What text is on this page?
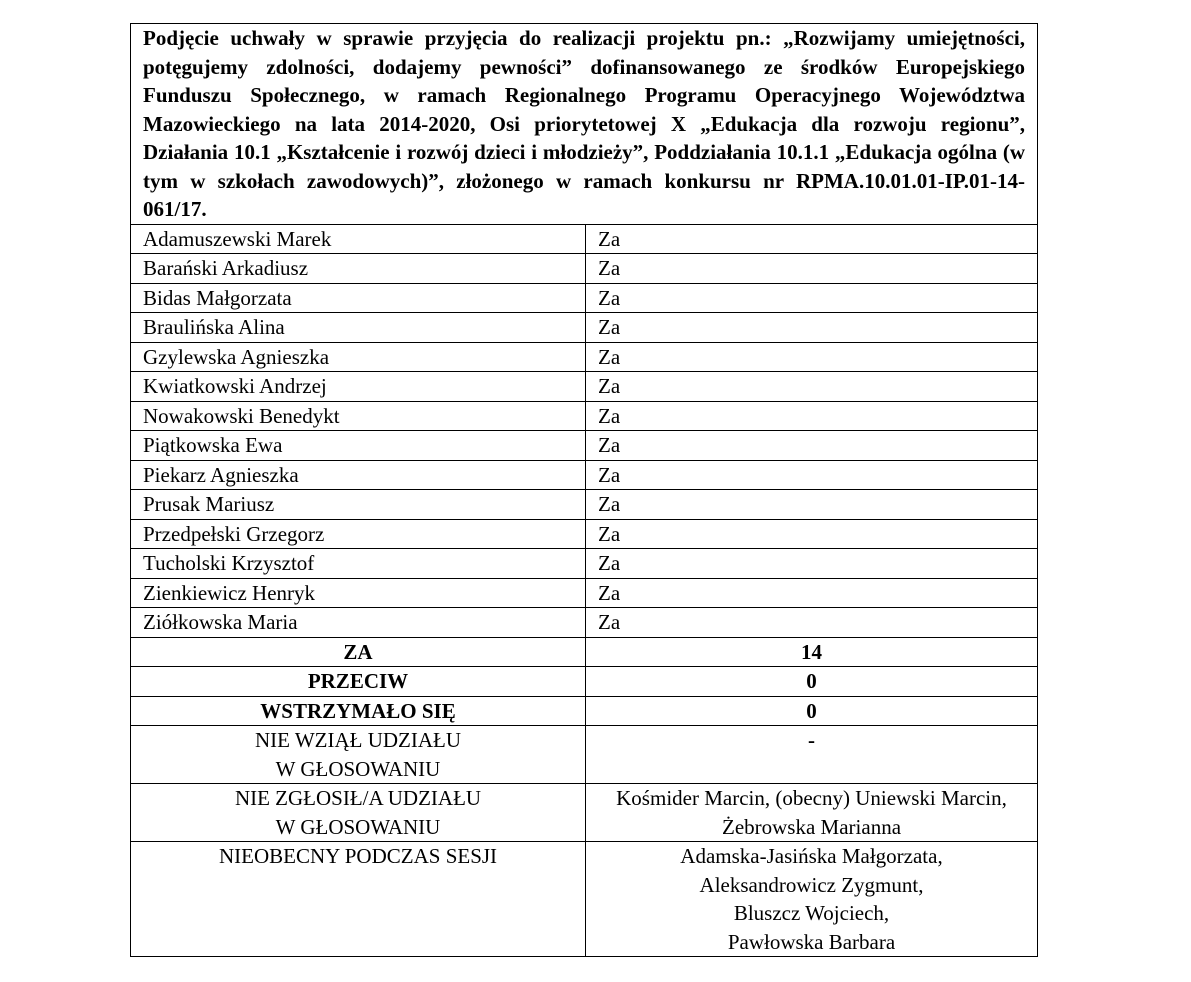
Podjęcie uchwały w sprawie przyjęcia do realizacji projektu pn.: „Rozwijamy umiejętności, potęgujemy zdolności, dodajemy pewności” dofinansowanego ze środków Europejskiego Funduszu Społecznego, w ramach Regionalnego Programu Operacyjnego Województwa Mazowieckiego na lata 2014-2020, Osi priorytetowej X „Edukacja dla rozwoju regionu”, Działania 10.1 „Kształcenie i rozwój dzieci i młodzieży”, Poddziałania 10.1.1 „Edukacja ogólna (w tym w szkołach zawodowych)”, złożonego w ramach konkursu nr RPMA.10.01.01-IP.01-14-061/17.	
Adamuszewski Marek	Za
Barański Arkadiusz	Za
Bidas Małgorzata	Za
Braulińska Alina	Za
Gzylewska Agnieszka	Za
Kwiatkowski Andrzej	Za
Nowakowski Benedykt	Za
Piątkowska Ewa	Za
Piekarz Agnieszka	Za
Prusak Mariusz	Za
Przedpełski Grzegorz	Za
Tucholski Krzysztof	Za
Zienkiewicz Henryk	Za
Ziółkowska Maria	Za
ZA	14
PRZECIW	0
WSTRZYMAŁO SIĘ	0
NIE WZIĄŁ UDZIAŁU
W GŁOSOWANIU	-
NIE ZGŁOSIŁ/A UDZIAŁU
W GŁOSOWANIU	Kośmider Marcin, (obecny) Uniewski Marcin,
Żebrowska Marianna
NIEOBECNY PODCZAS SESJI	Adamska-Jasińska Małgorzata,
Aleksandrowicz Zygmunt,
Bluszcz Wojciech,
Pawłowska Barbara
